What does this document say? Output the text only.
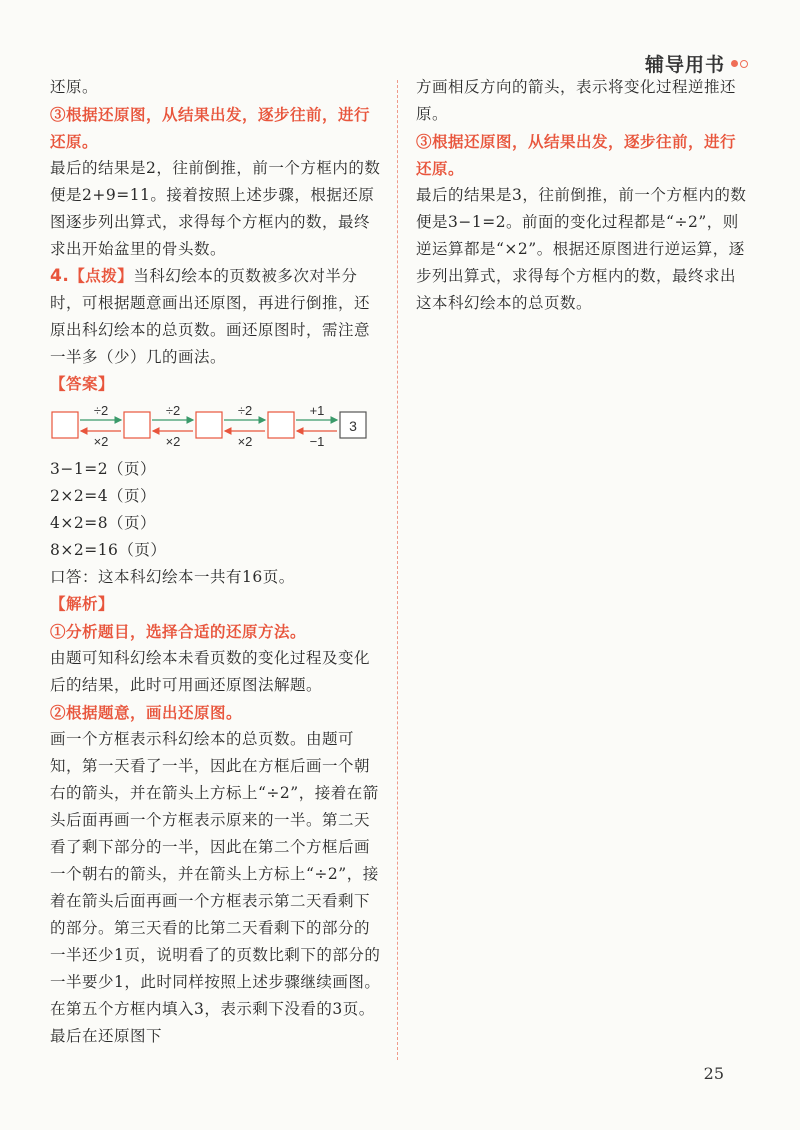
辅导用书

还原。

③根据还原图，从结果出发，逐步往前，进行还原。

最后的结果是2，往前倒推，前一个方框内的数便是2+9=11。接着按照上述步骤，根据还原图逐步列出算式，求得每个方框内的数，最终求出开始盆里的骨头数。

4.【点拨】当科幻绘本的页数被多次对半分时，可根据题意画出还原图，再进行倒推，还原出科幻绘本的总页数。画还原图时，需注意一半多（少）几的画法。

【答案】

3
÷2	÷2	÷2	+1
×2	×2	×2	−1

3−1=2（页）

2×2=4（页）

4×2=8（页）

8×2=16（页）

口答：这本科幻绘本一共有16页。

【解析】

①分析题目，选择合适的还原方法。

由题可知科幻绘本未看页数的变化过程及变化后的结果，此时可用画还原图法解题。

②根据题意，画出还原图。

画一个方框表示科幻绘本的总页数。由题可知，第一天看了一半，因此在方框后画一个朝右的箭头，并在箭头上方标上“÷2”，接着在箭头后面再画一个方框表示原来的一半。第二天看了剩下部分的一半，因此在第二个方框后画一个朝右的箭头，并在箭头上方标上“÷2”，接着在箭头后面再画一个方框表示第二天看剩下的部分。第三天看的比第二天看剩下的部分的一半还少1页，说明看了的页数比剩下的部分的一半要少1，此时同样按照上述步骤继续画图。在第五个方框内填入3，表示剩下没看的3页。最后在还原图下

方画相反方向的箭头，表示将变化过程逆推还原。

③根据还原图，从结果出发，逐步往前，进行还原。

最后的结果是3，往前倒推，前一个方框内的数便是3−1=2。前面的变化过程都是“÷2”，则逆运算都是“×2”。根据还原图进行逆运算，逐步列出算式，求得每个方框内的数，最终求出这本科幻绘本的总页数。

25
